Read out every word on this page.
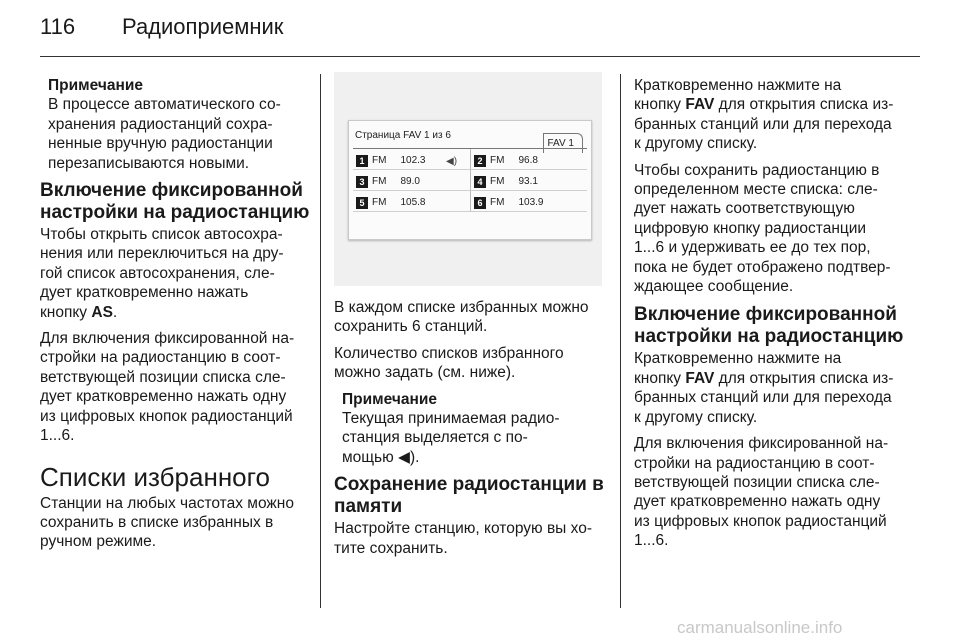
116	Радиоприемник
Примечание

В процессе автоматического со-
хранения радиостанций сохра-
ненные вручную радиостанции
перезаписываются новыми.

Включение фиксированной
настройки на радиостанцию

Чтобы открыть список автосохра-
нения или переключиться на дру-
гой список автосохранения, сле-
дует кратковременно нажать
кнопку AS.

Для включения фиксированной на-
стройки на радиостанцию в соот-
ветствующей позиции списка сле-
дует кратковременно нажать одну
из цифровых кнопок радиостанций
1...6.

Списки избранного

Станции на любых частотах можно
сохранить в списке избранных в
ручном режиме.

Страница FAV 1 из 6
FAV 1
1 FM 102.3 ◀)	2 FM 96.8
3 FM 89.0	4 FM 93.1
5 FM 105.8	6 FM 103.9

В каждом списке избранных можно
сохранить 6 станций.

Количество списков избранного
можно задать (см. ниже).

Примечание

Текущая принимаемая радио-
станция выделяется с по-
мощью ◀).

Сохранение радиостанции в
памяти

Настройте станцию, которую вы хо-
тите сохранить.

Кратковременно нажмите на
кнопку FAV для открытия списка из-
бранных станций или для перехода
к другому списку.

Чтобы сохранить радиостанцию в
определенном месте списка: сле-
дует нажать соответствующую
цифровую кнопку радиостанции
1...6 и удерживать ее до тех пор,
пока не будет отображено подтвер-
ждающее сообщение.

Включение фиксированной
настройки на радиостанцию

Кратковременно нажмите на
кнопку FAV для открытия списка из-
бранных станций или для перехода
к другому списку.

Для включения фиксированной на-
стройки на радиостанцию в соот-
ветствующей позиции списка сле-
дует кратковременно нажать одну
из цифровых кнопок радиостанций
1...6.

carmanualsonline.info
